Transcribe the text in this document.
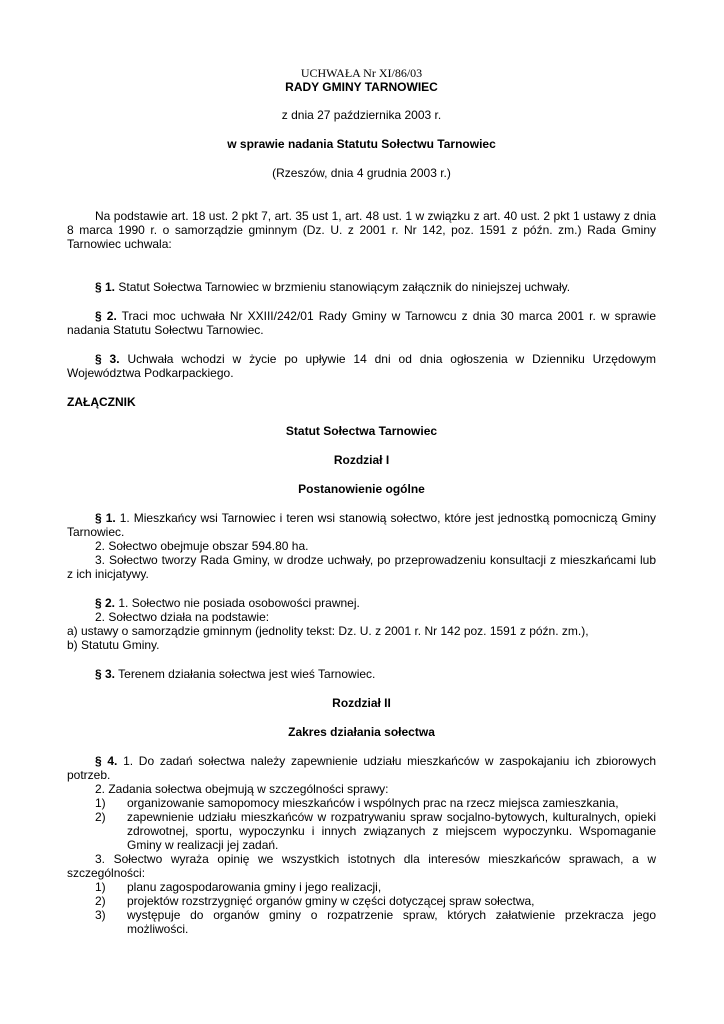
UCHWAŁA Nr XI/86/03

RADY GMINY TARNOWIEC

z dnia 27 października 2003 r.

w sprawie nadania Statutu Sołectwu Tarnowiec

(Rzeszów, dnia 4 grudnia 2003 r.)

Na podstawie art. 18 ust. 2 pkt 7, art. 35 ust 1, art. 48 ust. 1 w związku z art. 40 ust. 2 pkt 1 ustawy z dnia 8 marca 1990 r. o samorządzie gminnym (Dz. U. z 2001 r. Nr 142, poz. 1591 z późn. zm.) Rada Gminy Tarnowiec uchwala:

§ 1. Statut Sołectwa Tarnowiec w brzmieniu stanowiącym załącznik do niniejszej uchwały.

§ 2. Traci moc uchwała Nr XXIII/242/01 Rady Gminy w Tarnowcu z dnia 30 marca 2001 r. w sprawie nadania Statutu Sołectwu Tarnowiec.

§ 3. Uchwała wchodzi w życie po upływie 14 dni od dnia ogłoszenia w Dzienniku Urzędowym Województwa Podkarpackiego.

ZAŁĄCZNIK

Statut Sołectwa Tarnowiec

Rozdział I

Postanowienie ogólne

§ 1. 1. Mieszkańcy wsi Tarnowiec i teren wsi stanowią sołectwo, które jest jednostką pomocniczą Gminy Tarnowiec.

2. Sołectwo obejmuje obszar 594.80 ha.

3. Sołectwo tworzy Rada Gminy, w drodze uchwały, po przeprowadzeniu konsultacji z mieszkańcami lub z ich inicjatywy.

§ 2. 1. Sołectwo nie posiada osobowości prawnej.

2. Sołectwo działa na podstawie:

a) ustawy o samorządzie gminnym (jednolity tekst: Dz. U. z 2001 r. Nr 142 poz. 1591 z późn. zm.),

b) Statutu Gminy.

§ 3. Terenem działania sołectwa jest wieś Tarnowiec.

Rozdział II

Zakres działania sołectwa

§ 4. 1. Do zadań sołectwa należy zapewnienie udziału mieszkańców w zaspokajaniu ich zbiorowych potrzeb.

2. Zadania sołectwa obejmują w szczególności sprawy:

1)	organizowanie samopomocy mieszkańców i wspólnych prac na rzecz miejsca zamieszkania,
2)	zapewnienie udziału mieszkańców w rozpatrywaniu spraw socjalno-bytowych, kulturalnych, opieki zdrowotnej, sportu, wypoczynku i innych związanych z miejscem wypoczynku. Wspomaganie Gminy w realizacji jej zadań.

3. Sołectwo wyraża opinię we wszystkich istotnych dla interesów mieszkańców sprawach, a w szczególności:

1)	planu zagospodarowania gminy i jego realizacji,
2)	projektów rozstrzygnięć organów gminy w części dotyczącej spraw sołectwa,
3)	występuje do organów gminy o rozpatrzenie spraw, których załatwienie przekracza jego możliwości.
